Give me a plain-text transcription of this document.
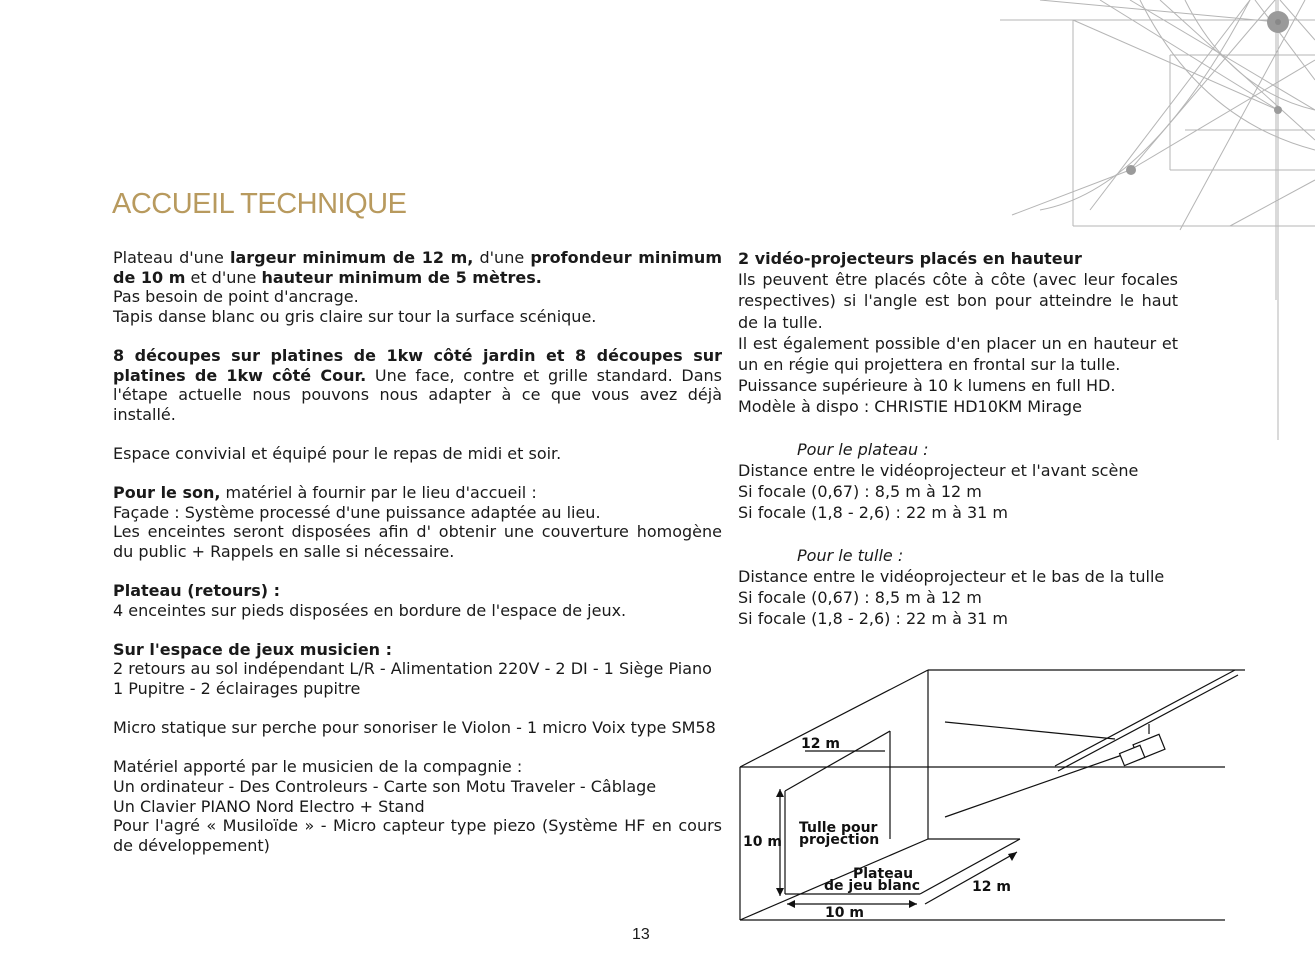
ACCUEIL TECHNIQUE

Plateau d'une largeur minimum de 12 m, d'une profondeur minimum de 10 m et d'une hauteur minimum de 5 mètres.
Pas besoin de point d'ancrage.
Tapis danse blanc ou gris claire sur tour la surface scénique.

8 découpes sur platines de 1kw côté jardin et 8 découpes sur platines de 1kw côté Cour. Une face, contre et grille standard. Dans l'étape actuelle nous pouvons nous adapter à ce que vous avez déjà installé.

Espace convivial et équipé pour le repas de midi et soir.

Pour le son, matériel à fournir par le lieu d'accueil :
Façade : Système processé d'une puissance adaptée au lieu.
Les enceintes seront disposées afin d' obtenir une couverture homogène du public + Rappels en salle si nécessaire.

Plateau (retours) :
4 enceintes sur pieds disposées en bordure de l'espace de jeux.

Sur l'espace de jeux musicien :
2 retours au sol indépendant L/R - Alimentation 220V - 2 DI - 1 Siège Piano
1 Pupitre - 2 éclairages pupitre

Micro statique sur perche pour sonoriser le Violon - 1 micro Voix type SM58

Matériel apporté par le musicien de la compagnie :
Un ordinateur - Des Controleurs - Carte son Motu Traveler - Câblage
Un Clavier PIANO Nord Electro + Stand
Pour l'agré « Musiloïde » - Micro capteur type piezo (Système HF en cours de développement)

2 vidéo-projecteurs placés en hauteur
Ils peuvent être placés côte à côte (avec leur focales respectives) si l'angle est bon pour atteindre le haut de la tulle.
Il est également possible d'en placer un en hauteur et un en régie qui projettera en frontal sur la tulle.
Puissance supérieure à 10 k lumens en full HD.
Modèle à dispo : CHRISTIE HD10KM Mirage

Pour le plateau :
Distance entre le vidéoprojecteur et l'avant scène
Si focale (0,67) : 8,5 m à 12 m
Si focale (1,8 - 2,6) : 22 m à 31 m

Pour le tulle :
Distance entre le vidéoprojecteur et le bas de la tulle
Si focale (0,67) : 8,5 m à 12 m
Si focale (1,8 - 2,6) : 22 m à 31 m

12 m
10 m
Tulle pour
projection
Plateau
de jeu blanc	12 m
10 m
13
